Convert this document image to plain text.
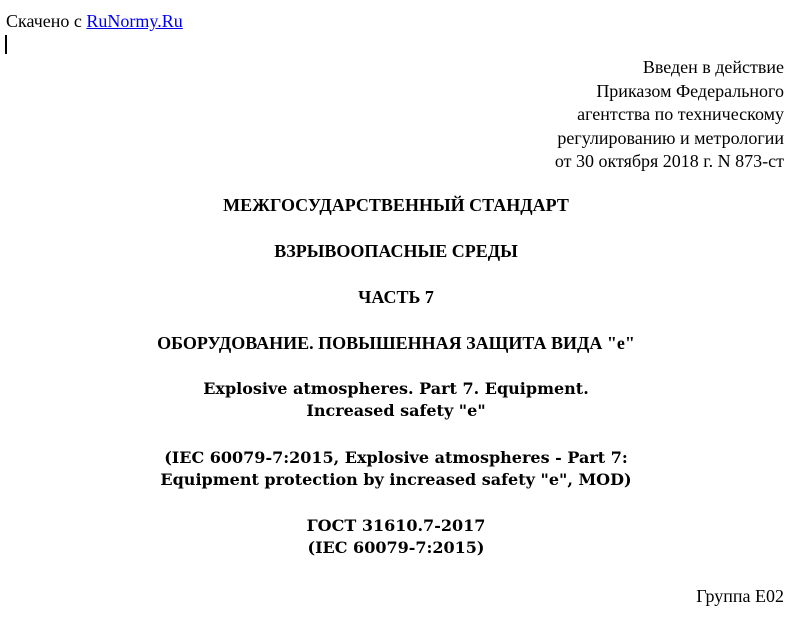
Скачено с RuNormy.Ru
Введен в действие
Приказом Федерального
агентства по техническому
регулированию и метрологии
от 30 октября 2018 г. N 873-ст
МЕЖГОСУДАРСТВЕННЫЙ СТАНДАРТ
ВЗРЫВООПАСНЫЕ СРЕДЫ
ЧАСТЬ 7
ОБОРУДОВАНИЕ. ПОВЫШЕННАЯ ЗАЩИТА ВИДА "е"
Explosive atmospheres. Part 7. Equipment.
Increased safety "e"
(IEC 60079-7:2015, Explosive atmospheres - Part 7:
Equipment protection by increased safety "e", MOD)
ГОСТ 31610.7-2017
(IEC 60079-7:2015)
Группа Е02
